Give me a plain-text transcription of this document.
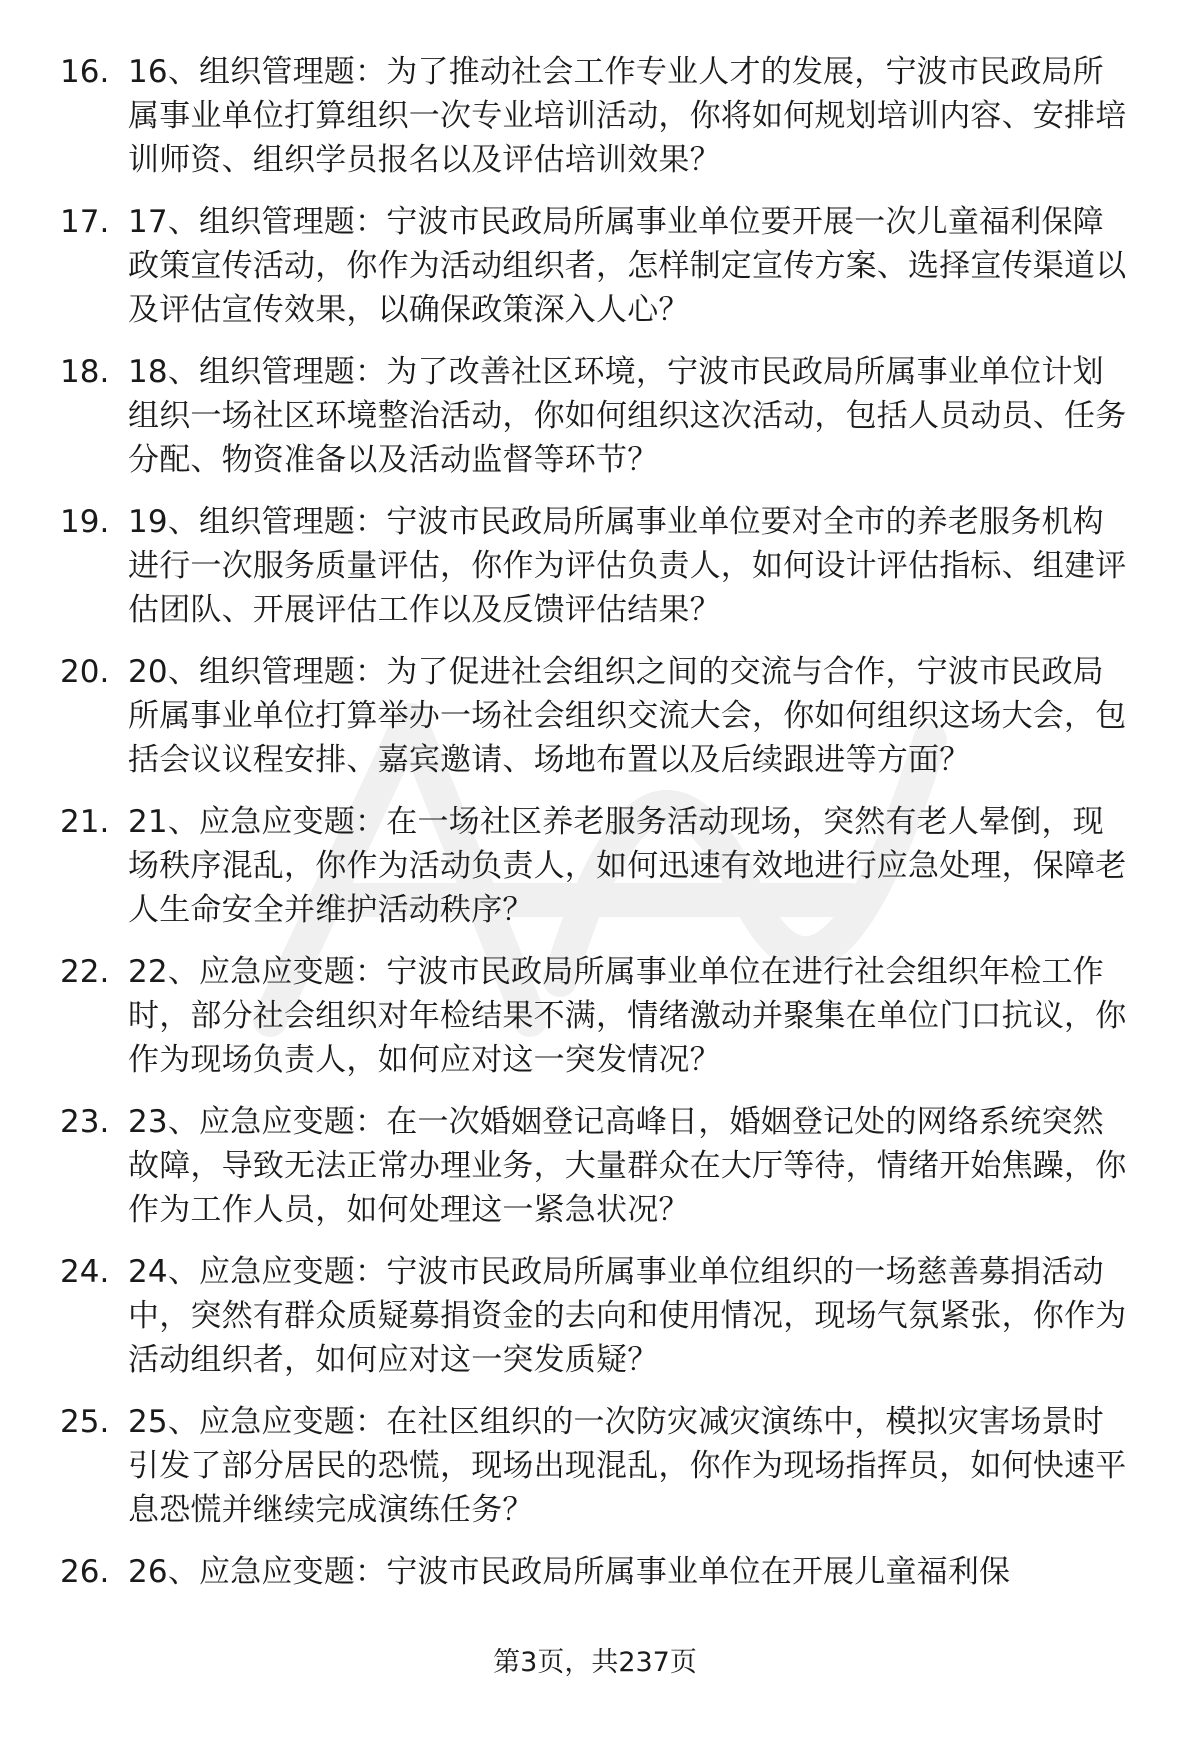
16. 16、组织管理题：为了推动社会工作专业人才的发展，宁波市民政局所属事业单位打算组织一次专业培训活动，你将如何规划培训内容、安排培训师资、组织学员报名以及评估培训效果？
17. 17、组织管理题：宁波市民政局所属事业单位要开展一次儿童福利保障政策宣传活动，你作为活动组织者，怎样制定宣传方案、选择宣传渠道以及评估宣传效果，以确保政策深入人心？
18. 18、组织管理题：为了改善社区环境，宁波市民政局所属事业单位计划组织一场社区环境整治活动，你如何组织这次活动，包括人员动员、任务分配、物资准备以及活动监督等环节？
19. 19、组织管理题：宁波市民政局所属事业单位要对全市的养老服务机构进行一次服务质量评估，你作为评估负责人，如何设计评估指标、组建评估团队、开展评估工作以及反馈评估结果？
20. 20、组织管理题：为了促进社会组织之间的交流与合作，宁波市民政局所属事业单位打算举办一场社会组织交流大会，你如何组织这场大会，包括会议议程安排、嘉宾邀请、场地布置以及后续跟进等方面？
21. 21、应急应变题：在一场社区养老服务活动现场，突然有老人晕倒，现场秩序混乱，你作为活动负责人，如何迅速有效地进行应急处理，保障老人生命安全并维护活动秩序？
22. 22、应急应变题：宁波市民政局所属事业单位在进行社会组织年检工作时，部分社会组织对年检结果不满，情绪激动并聚集在单位门口抗议，你作为现场负责人，如何应对这一突发情况？
23. 23、应急应变题：在一次婚姻登记高峰日，婚姻登记处的网络系统突然故障，导致无法正常办理业务，大量群众在大厅等待，情绪开始焦躁，你作为工作人员，如何处理这一紧急状况？
24. 24、应急应变题：宁波市民政局所属事业单位组织的一场慈善募捐活动中，突然有群众质疑募捐资金的去向和使用情况，现场气氛紧张，你作为活动组织者，如何应对这一突发质疑？
25. 25、应急应变题：在社区组织的一次防灾减灾演练中，模拟灾害场景时引发了部分居民的恐慌，现场出现混乱，你作为现场指挥员，如何快速平息恐慌并继续完成演练任务？
26. 26、应急应变题：宁波市民政局所属事业单位在开展儿童福利保
第3页，共237页
